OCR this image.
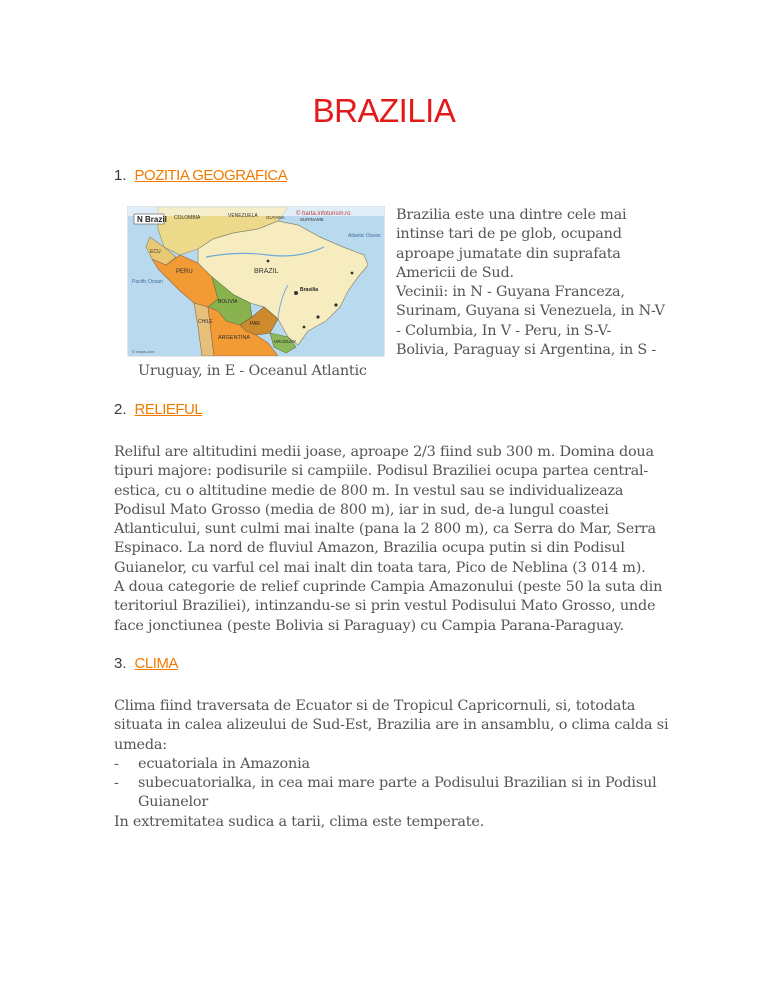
BRAZILIA
1. POZITIA GEOGRAFICA
N Brazil
© harta.infoturism.ro
COLOMBIA	VENEZUELA GUYANA	SURINAME
ECU
PERU
Pacific Ocean
BRAZIL
BOLIVIA
PAR
CHILE
ARGENTINA
URUGUAY
Atlantic Ocean
Brasilia
© maps.com
Brazilia este una dintre cele mai
intinse tari de pe glob, ocupand
aproape jumatate din suprafata
Americii de Sud.
Vecinii: in N - Guyana Franceza,
Surinam, Guyana si Venezuela, in N-V
- Columbia, In V - Peru, in S-V-
Bolivia, Paraguay si Argentina, in S -
Uruguay, in E - Oceanul Atlantic
2. RELIEFUL
Reliful are altitudini medii joase, aproape 2/3 fiind sub 300 m. Domina doua
tipuri majore: podisurile si campiile. Podisul Braziliei ocupa partea central-
estica, cu o altitudine medie de 800 m. In vestul sau se individualizeaza
Podisul Mato Grosso (media de 800 m), iar in sud, de-a lungul coastei
Atlanticului, sunt culmi mai inalte (pana la 2 800 m), ca Serra do Mar, Serra
Espinaco. La nord de fluviul Amazon, Brazilia ocupa putin si din Podisul
Guianelor, cu varful cel mai inalt din toata tara, Pico de Neblina (3 014 m).
A doua categorie de relief cuprinde Campia Amazonului (peste 50 la suta din
teritoriul Braziliei), intinzandu-se si prin vestul Podisului Mato Grosso, unde
face jonctiunea (peste Bolivia si Paraguay) cu Campia Parana-Paraguay.
3. CLIMA
Clima fiind traversata de Ecuator si de Tropicul Capricornuli, si, totodata
situata in calea alizeului de Sud-Est, Brazilia are in ansamblu, o clima calda si
umeda:
- ecuatoriala in Amazonia
- subecuatorialka, in cea mai mare parte a Podisului Brazilian si in Podisul
Guianelor
In extremitatea sudica a tarii, clima este temperate.
